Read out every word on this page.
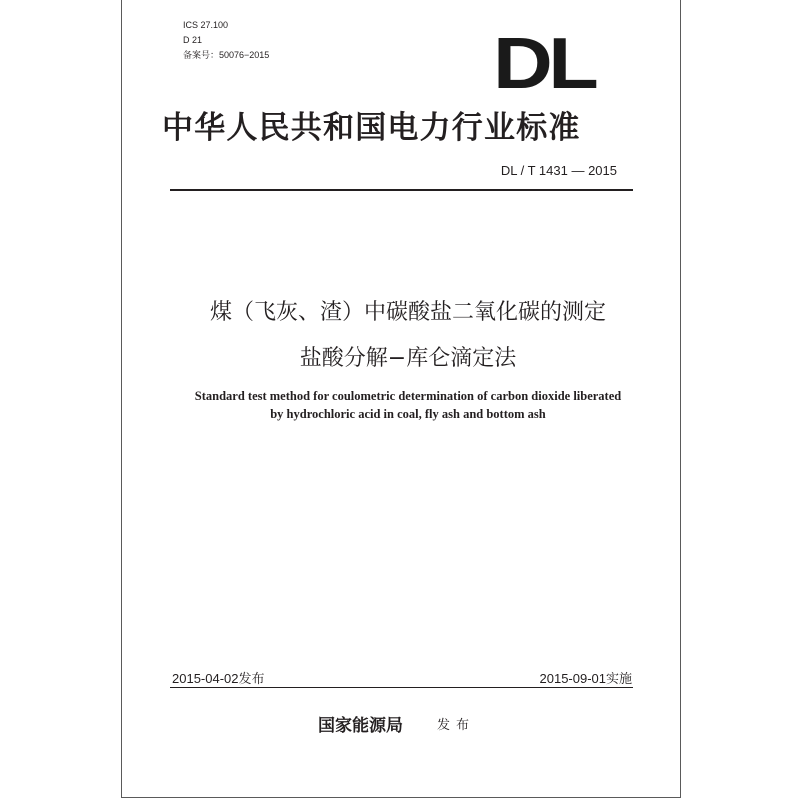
ICS 27.100
D 21
备案号：50076−2015	DL
中华人民共和国电力行业标准
DL / T 1431 — 2015
煤（飞灰、渣）中碳酸盐二氧化碳的测定
盐酸分解−库仑滴定法
Standard test method for coulometric determination of carbon dioxide liberated
by hydrochloric acid in coal, fly ash and bottom ash
2015-04-02发布	2015-09-01实施
国家能源局	发布
